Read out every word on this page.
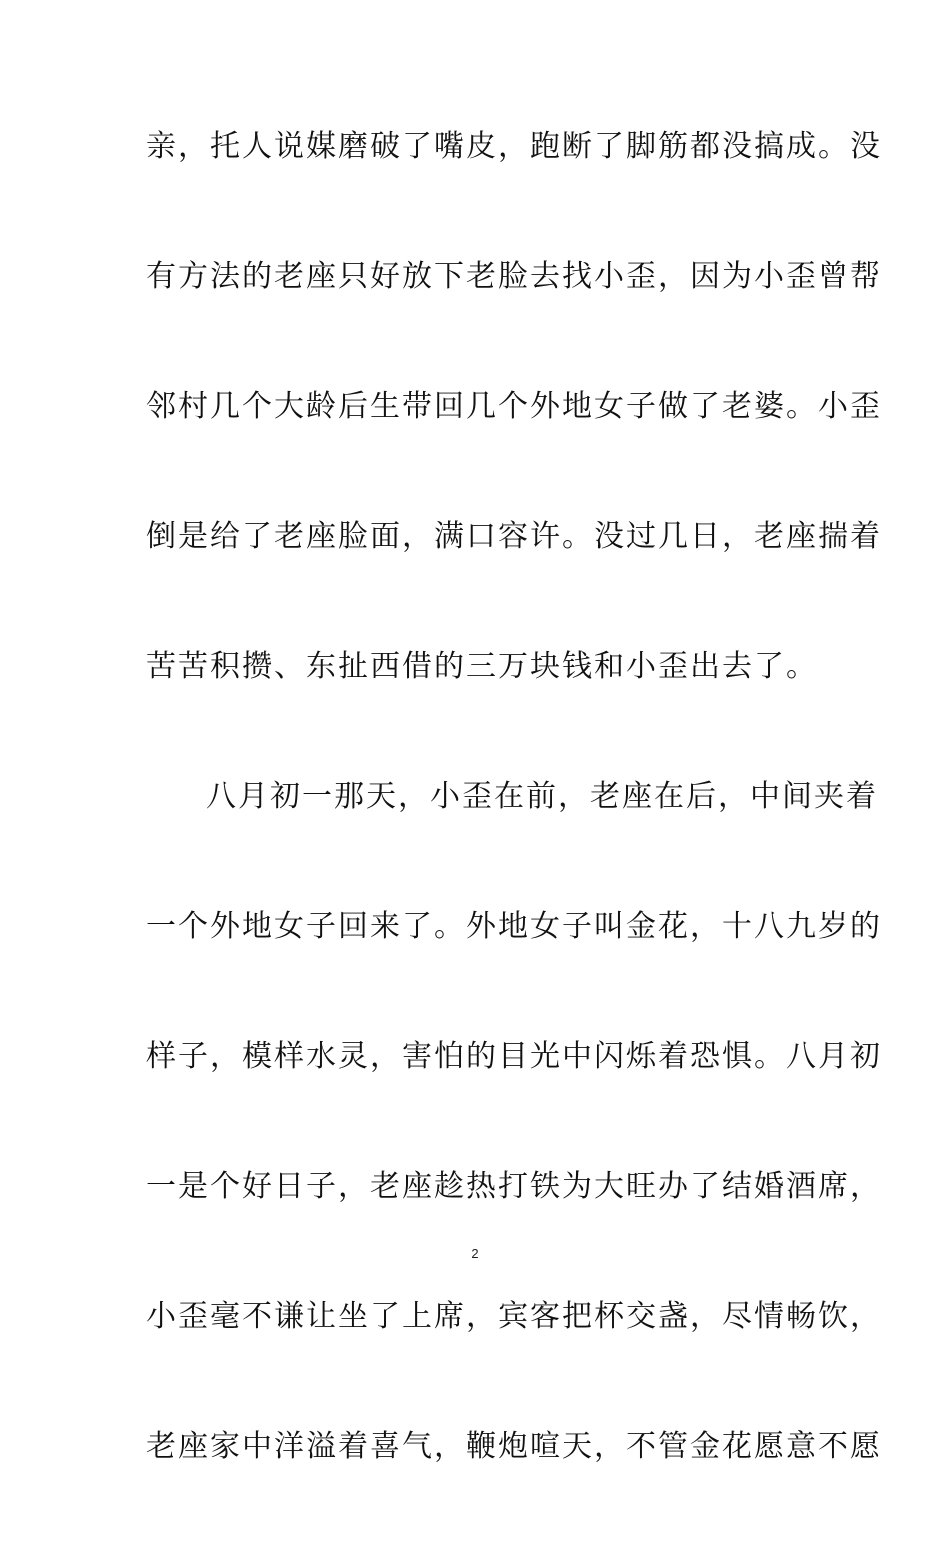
亲，托人说媒磨破了嘴皮，跑断了脚筋都没搞成。没
有方法的老座只好放下老脸去找小歪，因为小歪曾帮
邻村几个大龄后生带回几个外地女子做了老婆。小歪
倒是给了老座脸面，满口容许。没过几日，老座揣着
苦苦积攒、东扯西借的三万块钱和小歪出去了。
八月初一那天，小歪在前，老座在后，中间夹着
一个外地女子回来了。外地女子叫金花，十八九岁的
样子，模样水灵，害怕的目光中闪烁着恐惧。八月初
一是个好日子，老座趁热打铁为大旺办了结婚酒席，
小歪毫不谦让坐了上席，宾客把杯交盏，尽情畅饮，
老座家中洋溢着喜气，鞭炮喧天，不管金花愿意不愿
2
